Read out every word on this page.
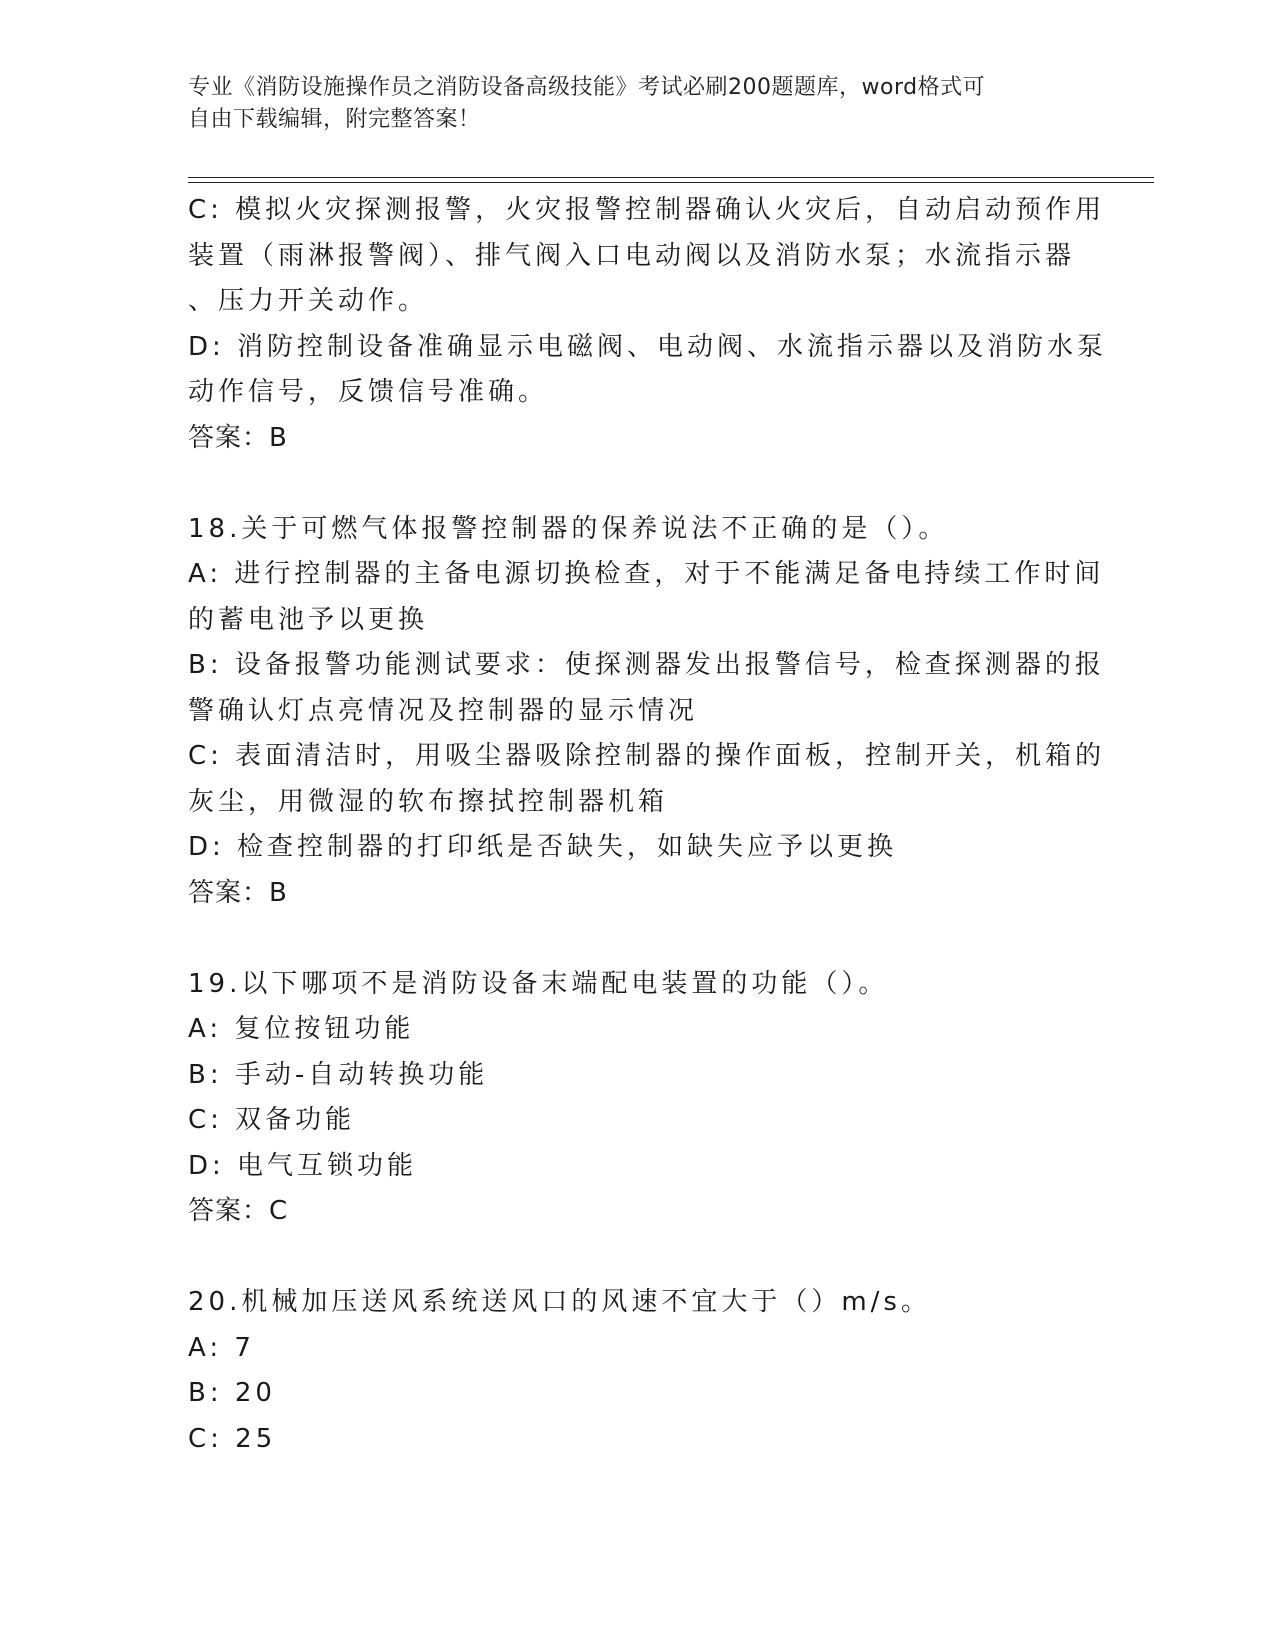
专业《消防设施操作员之消防设备高级技能》考试必刷200题题库，word格式可
自由下载编辑，附完整答案！
C: 模拟火灾探测报警，火灾报警控制器确认火灾后，自动启动预作用
装置（雨淋报警阀）、排气阀入口电动阀以及消防水泵；水流指示器
、压力开关动作。
D: 消防控制设备准确显示电磁阀、电动阀、水流指示器以及消防水泵
动作信号，反馈信号准确。
答案：B
18.关于可燃气体报警控制器的保养说法不正确的是（）。
A: 进行控制器的主备电源切换检查，对于不能满足备电持续工作时间
的蓄电池予以更换
B: 设备报警功能测试要求：使探测器发出报警信号，检查探测器的报
警确认灯点亮情况及控制器的显示情况
C: 表面清洁时，用吸尘器吸除控制器的操作面板，控制开关，机箱的
灰尘，用微湿的软布擦拭控制器机箱
D: 检查控制器的打印纸是否缺失，如缺失应予以更换
答案：B
19.以下哪项不是消防设备末端配电装置的功能（）。
A: 复位按钮功能
B: 手动-自动转换功能
C: 双备功能
D: 电气互锁功能
答案：C
20.机械加压送风系统送风口的风速不宜大于（）m/s。
A: 7
B: 20
C: 25
